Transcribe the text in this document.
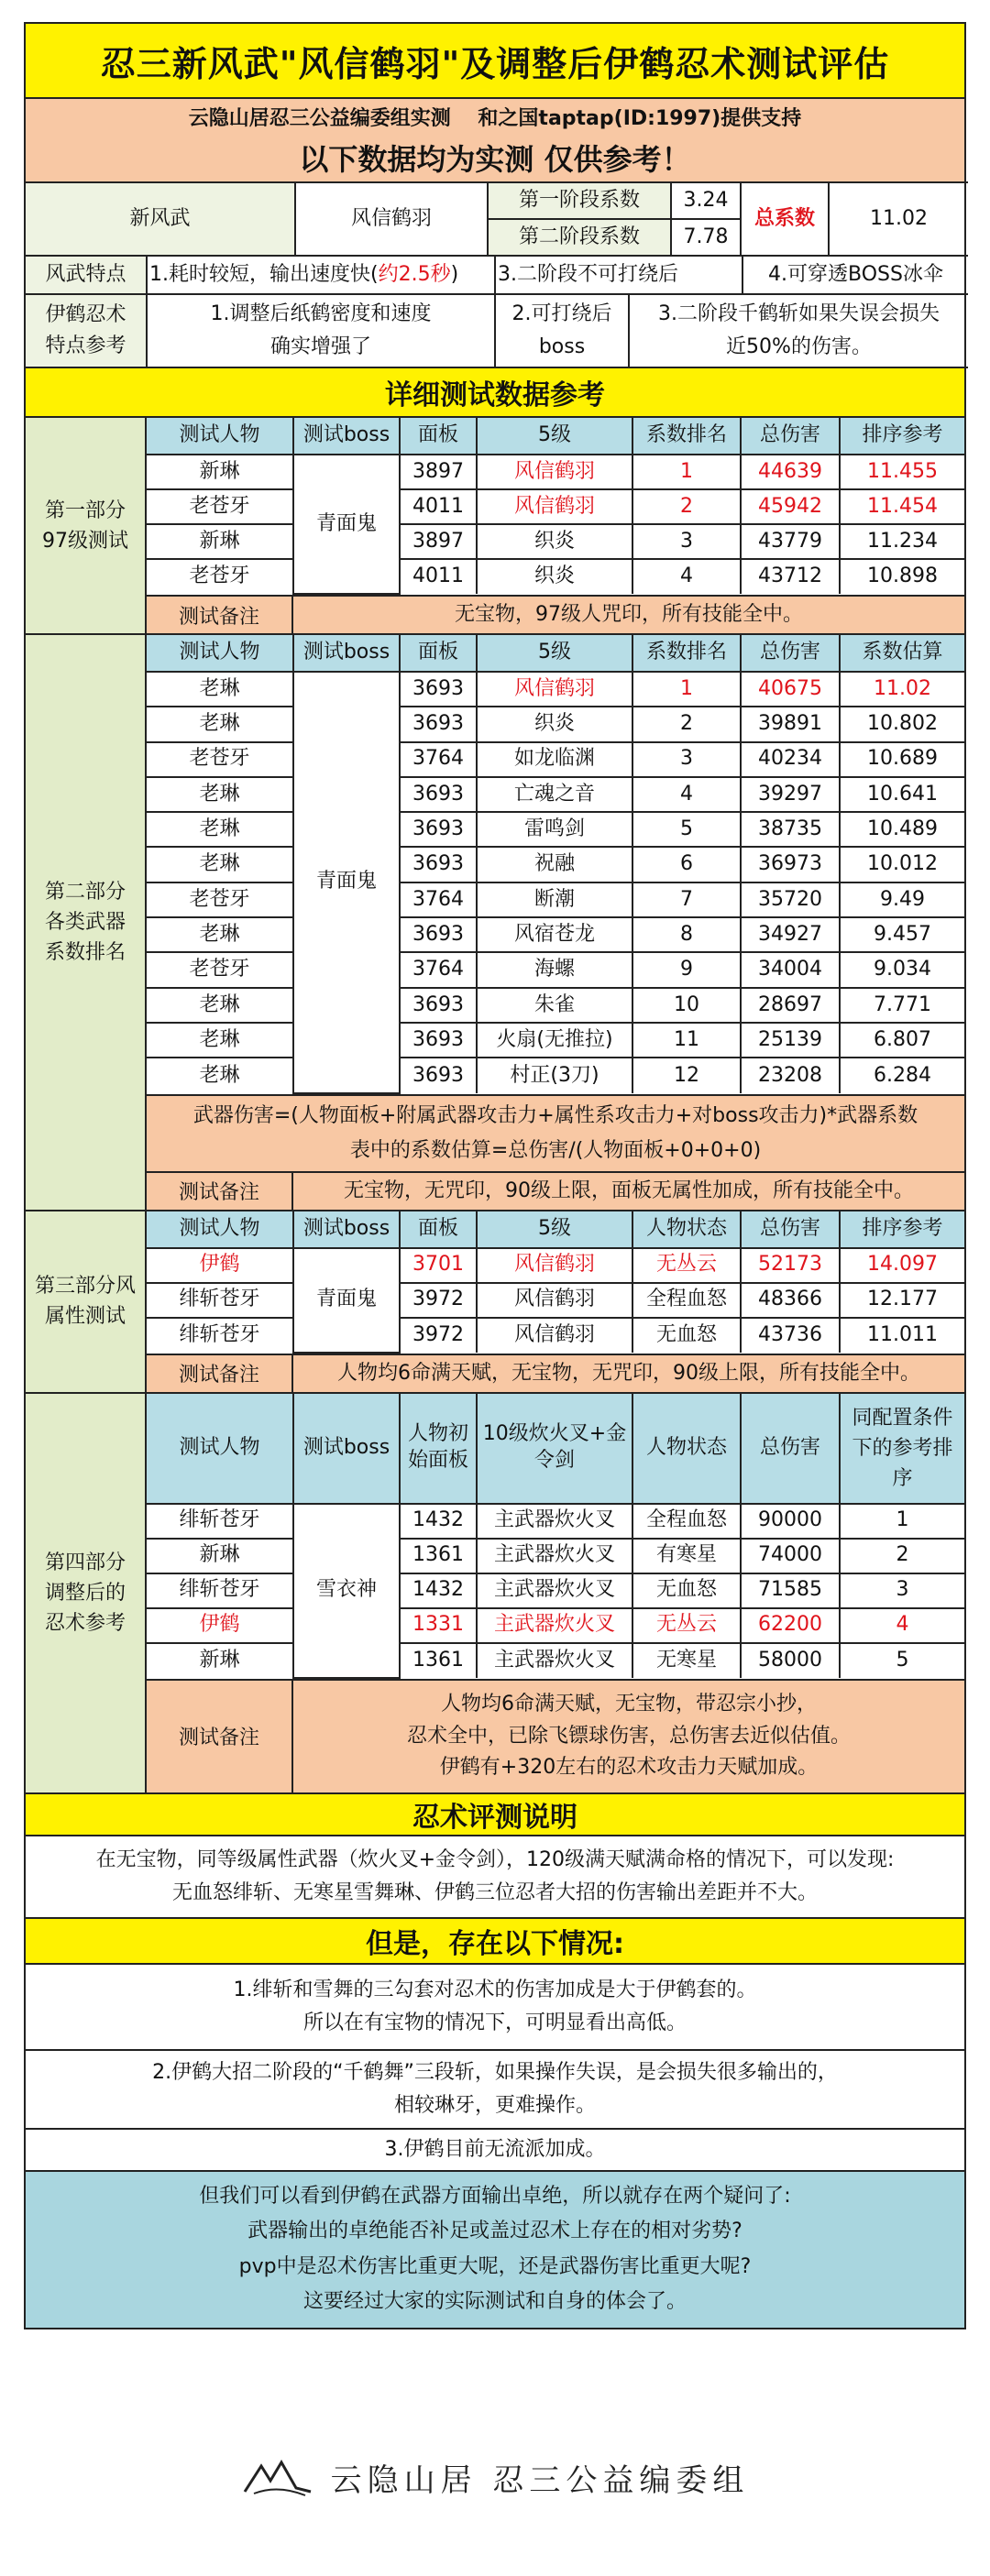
忍三新风武"风信鹤羽"及调整后伊鹤忍术测试评估
云隐山居忍三公益编委组实测　 和之国taptap(ID:1997)提供支持
以下数据均为实测 仅供参考！
新风武	风信鹤羽	第一阶段系数	3.24	总系数	11.02
		第二阶段系数	7.78		
风武特点	1.耗时较短，输出速度快(约2.5秒)	3.二阶段不可打绕后	4.可穿透BOSS冰伞
伊鹤忍术特点参考	1.调整后纸鹤密度和速度确实增强了	2.可打绕后boss	3.二阶段千鹤斩如果失误会损失近50%的伤害。
详细测试数据参考
第一部分97级测试
测试人物	测试boss	面板	5级	系数排名	总伤害	排序参考
新琳	青面鬼	3897	风信鹤羽	1	44639	11.455
老苍牙		4011	风信鹤羽	2	45942	11.454
新琳		3897	织炎	3	43779	11.234
老苍牙		4011	织炎	4	43712	10.898
测试备注	无宝物，97级人咒印，所有技能全中。
第二部分各类武器系数排名
测试人物	测试boss	面板	5级	系数排名	总伤害	系数估算
老琳	青面鬼	3693	风信鹤羽	1	40675	11.02
老琳		3693	织炎	2	39891	10.802
老苍牙		3764	如龙临渊	3	40234	10.689
老琳		3693	亡魂之音	4	39297	10.641
老琳		3693	雷鸣剑	5	38735	10.489
老琳		3693	祝融	6	36973	10.012
老苍牙		3764	断潮	7	35720	9.49
老琳		3693	风宿苍龙	8	34927	9.457
老苍牙		3764	海螺	9	34004	9.034
老琳		3693	朱雀	10	28697	7.771
老琳		3693	火扇(无推拉)	11	25139	6.807
老琳		3693	村正(3刀)	12	23208	6.284
武器伤害=(人物面板+附属武器攻击力+属性系攻击力+对boss攻击力)*武器系数
表中的系数估算=总伤害/(人物面板+0+0+0)
测试备注	无宝物，无咒印，90级上限，面板无属性加成，所有技能全中。
第三部分风属性测试
测试人物	测试boss	面板	5级	人物状态	总伤害	排序参考
伊鹤	青面鬼	3701	风信鹤羽	无丛云	52173	14.097
绯斩苍牙		3972	风信鹤羽	全程血怒	48366	12.177
绯斩苍牙		3972	风信鹤羽	无血怒	43736	11.011
测试备注	人物均6命满天赋，无宝物，无咒印，90级上限，所有技能全中。
第四部分调整后的忍术参考
测试人物	测试boss	人物初始面板	10级炊火叉+金令剑	人物状态	总伤害	同配置条件下的参考排序
绯斩苍牙	雪衣神	1432	主武器炊火叉	全程血怒	90000	1
新琳		1361	主武器炊火叉	有寒星	74000	2
绯斩苍牙		1432	主武器炊火叉	无血怒	71585	3
伊鹤		1331	主武器炊火叉	无丛云	62200	4
新琳		1361	主武器炊火叉	无寒星	58000	5
测试备注
人物均6命满天赋，无宝物，带忍宗小抄，
忍术全中，已除飞镖球伤害，总伤害去近似估值。
伊鹤有+320左右的忍术攻击力天赋加成。
忍术评测说明
在无宝物，同等级属性武器（炊火叉+金令剑），120级满天赋满命格的情况下，可以发现:
无血怒绯斩、无寒星雪舞琳、伊鹤三位忍者大招的伤害输出差距并不大。
但是，存在以下情况:
1.绯斩和雪舞的三勾套对忍术的伤害加成是大于伊鹤套的。
所以在有宝物的情况下，可明显看出高低。
2.伊鹤大招二阶段的“千鹤舞”三段斩，如果操作失误，是会损失很多输出的，
相较琳牙，更难操作。
3.伊鹤目前无流派加成。
但我们可以看到伊鹤在武器方面输出卓绝，所以就存在两个疑问了:
武器输出的卓绝能否补足或盖过忍术上存在的相对劣势?
pvp中是忍术伤害比重更大呢，还是武器伤害比重更大呢?
这要经过大家的实际测试和自身的体会了。
云隐山居 忍三公益编委组
